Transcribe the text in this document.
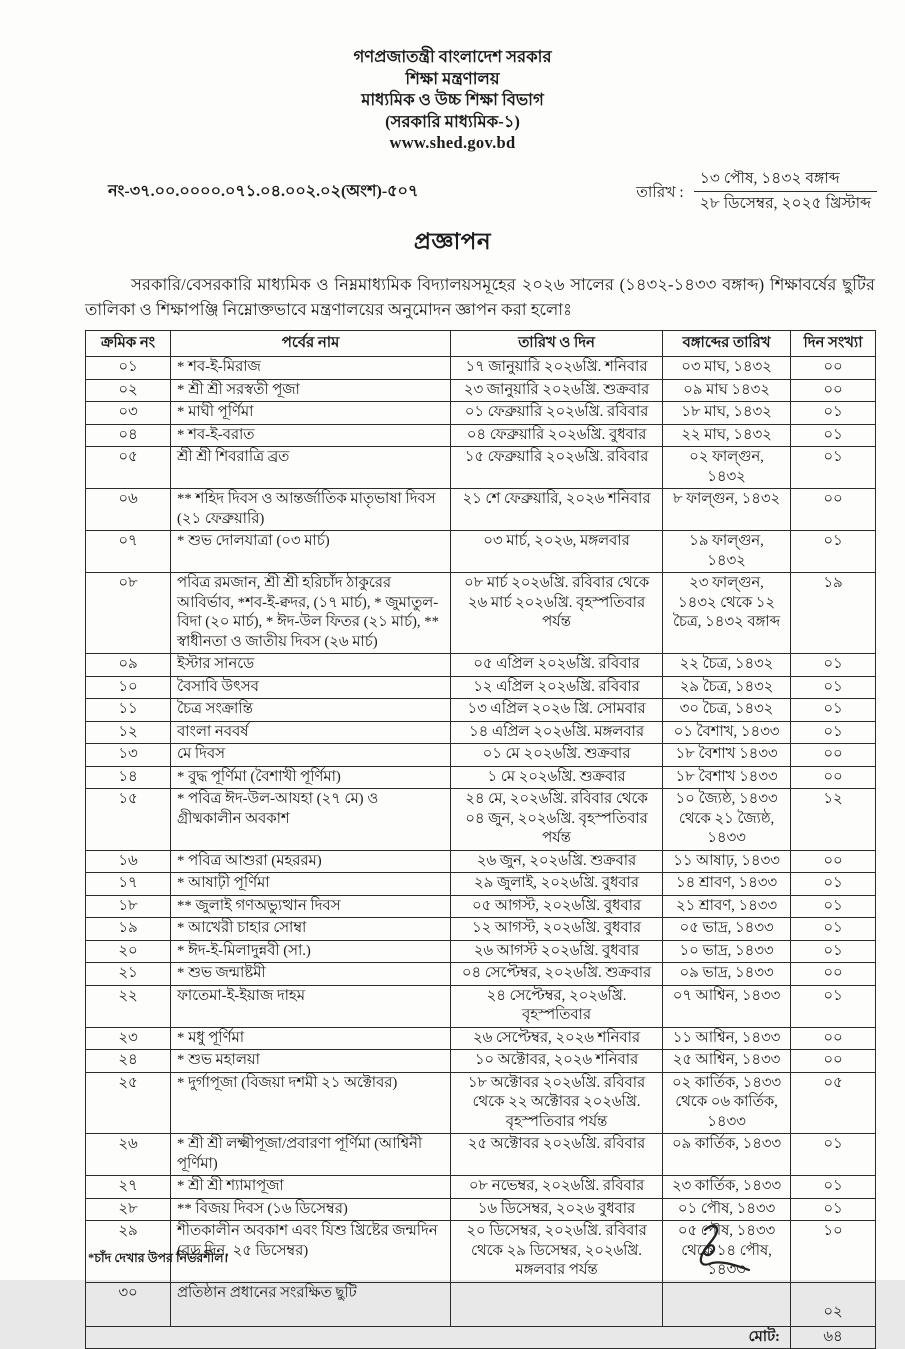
গণপ্রজাতন্ত্রী বাংলাদেশ সরকার
শিক্ষা মন্ত্রণালয়
মাধ্যমিক ও উচ্চ শিক্ষা বিভাগ
(সরকারি মাধ্যমিক-১)
www.shed.gov.bd
নং-৩৭.০০.০০০০.০৭১.০৪.০০২.০২(অংশ)-৫০৭	তারিখ :
১৩ পৌষ, ১৪৩২ বঙ্গাব্দ
২৮ ডিসেম্বর, ২০২৫ খ্রিস্টাব্দ
প্রজ্ঞাপন

সরকারি/বেসরকারি মাধ্যমিক ও নিম্নমাধ্যমিক বিদ্যালয়সমূহের ২০২৬ সালের (১৪৩২-১৪৩৩ বঙ্গাব্দ) শিক্ষাবর্ষের ছুটির তালিকা ও শিক্ষাপঞ্জি নিম্নোক্তভাবে মন্ত্রণালয়ের অনুমোদন জ্ঞাপন করা হলোঃ

ক্রমিক নং	পর্বের নাম	তারিখ ও দিন	বঙ্গাব্দের তারিখ	দিন সংখ্যা
০১	* শব-ই-মিরাজ	১৭ জানুয়ারি ২০২৬খ্রি. শনিবার	০৩ মাঘ, ১৪৩২	০০
০২	* শ্রী শ্রী সরস্বতী পূজা	২৩ জানুয়ারি ২০২৬খ্রি. শুক্রবার	০৯ মাঘ ১৪৩২	০০
০৩	* মাঘী পূর্ণিমা	০১ ফেব্রুয়ারি ২০২৬খ্রি. রবিবার	১৮ মাঘ, ১৪৩২	০১
০৪	* শব-ই-বরাত	০৪ ফেব্রুয়ারি ২০২৬খ্রি. বুধবার	২২ মাঘ, ১৪৩২	০১
০৫	শ্রী শ্রী শিবরাত্রি ব্রত	১৫ ফেব্রুয়ারি ২০২৬খ্রি. রবিবার	০২ ফাল্গুন, ১৪৩২	০১
০৬	** শহিদ দিবস ও আন্তর্জাতিক মাতৃভাষা দিবস (২১ ফেব্রুয়ারি)	২১ শে ফেব্রুয়ারি, ২০২৬ শনিবার	৮ ফাল্গুন, ১৪৩২	০০
০৭	* শুভ দোলযাত্রা (০৩ মার্চ)	০৩ মার্চ, ২০২৬, মঙ্গলবার	১৯ ফাল্গুন, ১৪৩২	০১
০৮	পবিত্র রমজান, শ্রী শ্রী হরিচাঁদ ঠাকুরের আবির্ভাব, *শব-ই-ক্বদর, (১৭ মার্চ), * জুমাতুল-বিদা (২০ মার্চ), * ঈদ-উল ফিতর (২১ মার্চ), ** স্বাধীনতা ও জাতীয় দিবস (২৬ মার্চ)	০৮ মার্চ ২০২৬খ্রি. রবিবার থেকে ২৬ মার্চ ২০২৬খ্রি. বৃহস্পতিবার পর্যন্ত	২৩ ফাল্গুন, ১৪৩২ থেকে ১২ চৈত্র, ১৪৩২ বঙ্গাব্দ	১৯
০৯	ইস্টার সানডে	০৫ এপ্রিল ২০২৬খ্রি. রবিবার	২২ চৈত্র, ১৪৩২	০১
১০	বৈসাবি উৎসব	১২ এপ্রিল ২০২৬খ্রি. রবিবার	২৯ চৈত্র, ১৪৩২	০১
১১	চৈত্র সংক্রান্তি	১৩ এপ্রিল ২০২৬ খ্রি. সোমবার	৩০ চৈত্র, ১৪৩২	০১
১২	বাংলা নববর্ষ	১৪ এপ্রিল ২০২৬খ্রি. মঙ্গলবার	০১ বৈশাখ, ১৪৩৩	০১
১৩	মে দিবস	০১ মে ২০২৬খ্রি. শুক্রবার	১৮ বৈশাখ ১৪৩৩	০০
১৪	* বুদ্ধ পূর্ণিমা (বৈশাখী পূর্ণিমা)	১ মে ২০২৬খ্রি. শুক্রবার	১৮ বৈশাখ ১৪৩৩	০০
১৫	* পবিত্র ঈদ-উল-আযহা (২৭ মে) ও গ্রীষ্মকালীন অবকাশ	২৪ মে, ২০২৬খ্রি. রবিবার থেকে ০৪ জুন, ২০২৬খ্রি. বৃহস্পতিবার পর্যন্ত	১০ জ্যৈষ্ঠ, ১৪৩৩ থেকে ২১ জ্যৈষ্ঠ, ১৪৩৩	১২
১৬	* পবিত্র আশুরা (মহররম)	২৬ জুন, ২০২৬খ্রি. শুক্রবার	১১ আষাঢ়, ১৪৩৩	০০
১৭	* আষাঢ়ী পূর্ণিমা	২৯ জুলাই, ২০২৬খ্রি. বুধবার	১৪ শ্রাবণ, ১৪৩৩	০১
১৮	** জুলাই গণঅভ্যুত্থান দিবস	০৫ আগস্ট, ২০২৬খ্রি. বুধবার	২১ শ্রাবণ, ১৪৩৩	০১
১৯	* আখেরী চাহার সোম্বা	১২ আগস্ট, ২০২৬খ্রি. বুধবার	০৫ ভাদ্র, ১৪৩৩	০১
২০	* ঈদ-ই-মিলাদুন্নবী (সা.)	২৬ আগস্ট ২০২৬খ্রি. বুধবার	১০ ভাদ্র, ১৪৩৩	০১
২১	* শুভ জন্মাষ্টমী	০৪ সেপ্টেম্বর, ২০২৬খ্রি. শুক্রবার	০৯ ভাদ্র, ১৪৩৩	০০
২২	ফাতেমা-ই-ইয়াজ দাহম	২৪ সেপ্টেম্বর, ২০২৬খ্রি. বৃহস্পতিবার	০৭ আশ্বিন, ১৪৩৩	০১
২৩	* মধু পূর্ণিমা	২৬ সেপ্টেম্বর, ২০২৬ শনিবার	১১ আশ্বিন, ১৪৩৩	০০
২৪	* শুভ মহালয়া	১০ অক্টোবর, ২০২৬ শনিবার	২৫ আশ্বিন, ১৪৩৩	০০
২৫	* দুর্গাপূজা (বিজয়া দশমী ২১ অক্টোবর)	১৮ অক্টোবর ২০২৬খ্রি. রবিবার থেকে ২২ অক্টোবর ২০২৬খ্রি. বৃহস্পতিবার পর্যন্ত	০২ কার্তিক, ১৪৩৩ থেকে ০৬ কার্তিক, ১৪৩৩	০৫
২৬	* শ্রী শ্রী লক্ষ্মীপূজা/প্রবারণা পূর্ণিমা (আশ্বিনী পূর্ণিমা)	২৫ অক্টোবর ২০২৬খ্রি. রবিবার	০৯ কার্তিক, ১৪৩৩	০১
২৭	* শ্রী শ্রী শ্যামাপূজা	০৮ নভেম্বর, ২০২৬খ্রি. রবিবার	২৩ কার্তিক, ১৪৩৩	০১
২৮	** বিজয় দিবস (১৬ ডিসেম্বর)	১৬ ডিসেম্বর, ২০২৬ বুধবার	০১ পৌষ, ১৪৩৩	০১
২৯	শীতকালীন অবকাশ এবং যিশু খ্রিষ্টের জন্মদিন (বড় দিন, ২৫ ডিসেম্বর)	২০ ডিসেম্বর, ২০২৬খ্রি. রবিবার থেকে ২৯ ডিসেম্বর, ২০২৬খ্রি. মঙ্গলবার পর্যন্ত	০৫ পৌষ, ১৪৩৩ থেকে ১৪ পৌষ, ১৪৩৩	১০
৩০	প্রতিষ্ঠান প্রধানের সংরক্ষিত ছুটি			০২
মোট:				৬৪
*চাঁদ দেখার উপর নির্ভরশীল।
